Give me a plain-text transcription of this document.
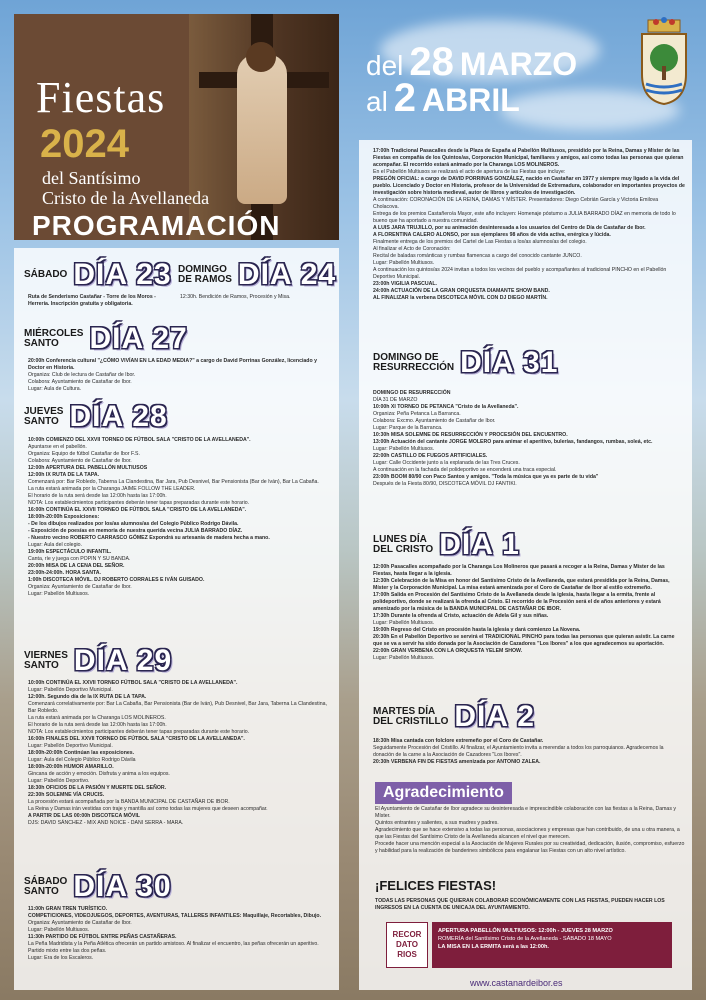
Fiestas
2024
del Santísimo
Cristo de la Avellaneda
PROGRAMACIÓN
del 28 MARZO
al 2 ABRIL
SÁBADO DÍA 23 DOMINGO
DE RAMOS DÍA 24
Ruta de Senderismo Castañar - Torre de los Moros - Herrería. Inscripción gratuita y obligatoria.
12:30h. Bendición de Ramos, Procesión y Misa.
MIÉRCOLES
SANTO	DÍA 27

20:00h Conferencia cultural "¿CÓMO VIVÍAN EN LA EDAD MEDIA?" a cargo de David Porrinas González, licenciado y Doctor en Historia.

Organiza: Club de lectura de Castañar de Ibor.

Colabora: Ayuntamiento de Castañar de Ibor.

Lugar: Aula de Cultura.

JUEVES
SANTO DÍA 28

10:00h COMIENZO DEL XXVII TORNEO DE FÚTBOL SALA "CRISTO DE LA AVELLANEDA".

Apuntarse en el pabellón.

Organiza: Equipo de fútbol Castañar de Ibor F.S.

Colabora: Ayuntamiento de Castañar de Ibor.

12:00h APERTURA DEL PABELLÓN MULTIUSOS

12:00h IX RUTA DE LA TAPA.

Comenzará por: Bar Robledo, Taberna La Clandestina, Bar Jara, Pub Desnivel, Bar Pensionista (Bar de Iván), Bar La Cabaña.

La ruta estará animada por la Charanga JAIME FOLLOW THE LEADER.

El horario de la ruta será desde las 12:00h hasta las 17:00h.

NOTA: Los establecimientos participantes deberán tener tapas preparadas durante este horario.

16:00h CONTINÚA EL XXVII TORNEO DE FÚTBOL SALA "CRISTO DE LA AVELLANEDA".

18:00h-20:00h Exposiciones:

- De los dibujos realizados por los/as alumnos/as del Colegio Público Rodrigo Dávila.

- Exposición de poesías en memoria de nuestra querida vecina JULIA BARRADO DÍAZ.

- Nuestro vecino ROBERTO CARRASCO GÓMEZ Expondrá su artesanía de madera hecha a mano.

Lugar: Aula del colegio.

19:00h ESPECTÁCULO INFANTIL.

Canta, ríe y juega con POPIN Y SU BANDA.

20:00h MISA DE LA CENA DEL SEÑOR.

23:00h-24:00h. HORA SANTA.

1:00h DISCOTECA MÓVIL. DJ ROBERTO CORRALES E IVÁN GUISADO.

Organiza: Ayuntamiento de Castañar de Ibor.

Lugar: Pabellón Multiusos.

VIERNES
SANTO DÍA 29

10:00h CONTINÚA EL XXVII TORNEO FÚTBOL SALA "CRISTO DE LA AVELLANEDA".

Lugar: Pabellón Deportivo Municipal.

12:00h. Segundo día de la IX RUTA DE LA TAPA.

Comenzará correlativamente por: Bar La Cabaña, Bar Pensionista (Bar de Iván), Pub Desnivel, Bar Jara, Taberna La Clandestina, Bar Robledo.

La ruta estará animada por la Charanga LOS MOLINEROS.

El horario de la ruta será desde las 12:00h hasta las 17:00h.

NOTA: Los establecimientos participantes deberán tener tapas preparadas durante este horario.

16:00h FINALES DEL XXVII TORNEO DE FÚTBOL SALA "CRISTO DE LA AVELLANEDA".

Lugar: Pabellón Deportivo Municipal.

18:00h-20:00h Continúan las exposiciones.

Lugar: Aula del Colegio Público Rodrigo Dávila

18:00h-20:00h HUMOR AMARILLO.

Gincana de acción y emoción. Disfruta y anima a los equipos.

Lugar: Pabellón Deportivo.

18:30h OFICIOS DE LA PASIÓN Y MUERTE DEL SEÑOR.

22:30h SOLEMNE VÍA CRUCIS.

La procesión estará acompañada por la BANDA MUNICIPAL DE CASTAÑAR DE IBOR.

La Reina y Damas irán vestidas con traje y mantilla así como todas las mujeres que deseen acompañar.

A PARTIR DE LAS 00:00h DISCOTECA MÓVIL

DJS: DAVID SÁNCHEZ - MIX AND NOICE - DANI SERRA - MARA.

SÁBADO
SANTO DÍA 30

11:00h GRAN TREN TURÍSTICO.

COMPETICIONES, VIDEOJUEGOS, DEPORTES, AVENTURAS, TALLERES INFANTILES: Maquillaje, Recortables, Dibujo.

Organiza: Ayuntamiento de Castañar de Ibor.

Lugar: Pabellón Multiusos.

11:30h PARTIDO DE FÚTBOL ENTRE PEÑAS CASTAÑERAS.

La Peña Madridista y la Peña Atlética ofrecerán un partido amistoso. Al finalizar el encuentro, las peñas ofrecerán un aperitivo.

Partido mixto entre las dos peñas.

Lugar: Era de los Escaleros.

17:00h Tradicional Pasacalles desde la Plaza de España al Pabellón Multiusos, presidido por la Reina, Damas y Míster de las Fiestas en compañía de los Quintos/as, Corporación Municipal, familiares y amigos, así como todas las personas que quieran acompañar. El recorrido estará animado por la Charanga LOS MOLINEROS.

En el Pabellón Multiusos se realizará el acto de apertura de las Fiestas que incluye:

PREGÓN OFICIAL: a cargo de DAVID PORRINAS GONZÁLEZ, nacido en Castañar en 1977 y siempre muy ligado a la vida del pueblo. Licenciado y Doctor en Historia, profesor de la Universidad de Extremadura, colaborador en importantes proyectos de investigación sobre historia medieval, autor de libros y artículos de investigación.

A continuación: CORONACIÓN DE LA REINA, DAMAS Y MÍSTER. Presentadores: Diego Cebrián García y Victoria Emilova Cholacova.

Entrega de los premios Castañero/a Mayor, este año incluyen: Homenaje póstumo a JULIA BARRADO DÍAZ en memoria de todo lo bueno que ha aportado a nuestra comunidad.

A LUIS JARA TRUJILLO, por su animación desinteresada a los usuarios del Centro de Día de Castañar de Ibor.

A FLORENTINA CALERO ALONSO, por sus ejemplares 98 años de vida activa, enérgica y lúcida.

Finalmente entrega de los premios del Cartel de Las Fiestas a los/as alumnos/as del colegio.

Al finalizar el Acto de Coronación:

Recital de baladas románticas y rumbas flamencas a cargo del conocido cantante JUNCO.

Lugar: Pabellón Multiusos.

A continuación los quintos/as 2024 invitan a todos los vecinos del pueblo y acompañantes al tradicional PINCHO en el Pabellón Deportivo Municipal.

23:00h VIGILIA PASCUAL.

24:00h ACTUACIÓN DE LA GRAN ORQUESTA DIAMANTE SHOW BAND.

AL FINALIZAR la verbena DISCOTECA MÓVIL CON DJ DIEGO MARTÍN.

DOMINGO DE
RESURRECCIÓN DÍA 31

DOMINGO DE RESURRECCIÓN

DÍA 31 DE MARZO

10:00h XI TORNEO DE PETANCA "Cristo de la Avellaneda".

Organiza: Peña Petanca La Barranca.

Colabora: Excmo. Ayuntamiento de Castañar de Ibor.

Lugar: Parque de la Barranca.

10:30h MISA SOLEMNE DE RESURRECCIÓN Y PROCESIÓN DEL ENCUENTRO.

13:00h Actuación del cantante JORGE MOLERO para animar el aperitivo, bulerías, fandangos, rumbas, soleá, etc.

Lugar: Pabellón Multiusos.

22:00h CASTILLO DE FUEGOS ARTIFICIALES.

Lugar: Calle Occidente junto a la explanada de las Tres Cruces.

A continuación en la fachada del polideportivo se encenderá una traca especial.

23:00h BOOM 80/90 con Paco Santos y amigos. "Toda la música que ya es parte de tu vida"

Después de la Fiesta 80/90, DISCOTECA MÓVIL DJ FANTIKI.

LUNES DÍA
DEL CRISTO DÍA 1

12:00h Pasacalles acompañado por la Charanga Los Molineros que pasará a recoger a la Reina, Damas y Míster de las Fiestas, hasta llegar a la iglesia.

12:30h Celebración de la Misa en honor del Santísimo Cristo de la Avellaneda, que estará presidida por la Reina, Damas, Míster y la Corporación Municipal. La misa estará amenizada por el Coro de Castañar de Ibor al estilo extremeño.

17:00h Salida en Procesión del Santísimo Cristo de la Avellaneda desde la iglesia, hasta llegar a la ermita, frente al polideportivo, donde se realizará la ofrenda al Cristo. El recorrido de la Procesión será el de años anteriores y estará amenizado por la música de la BANDA MUNICIPAL DE CASTAÑAR DE IBOR.

17:30h Durante la ofrenda al Cristo, actuación de Adela Gil y sus niñas.

Lugar: Pabellón Multiusos.

19:00h Regreso del Cristo en procesión hasta la iglesia y dará comienzo La Novena.

20:30h En el Pabellón Deportivo se servirá el TRADICIONAL PINCHO para todas las personas que quieran asistir. La carne que se va a servir ha sido donada por la Asociación de Cazadores "Los Ibores" a los que agradecemos su aportación.

22:00h GRAN VERBENA CON LA ORQUESTA YELEM SHOW.

Lugar: Pabellón Multiusos.

MARTES DÍA
DEL CRISTILLO DÍA 2

18:30h Misa cantada con folclore extremeño por el Coro de Castañar.

Seguidamente Procesión del Cristillo. Al finalizar, el Ayuntamiento invita a merendar a todos los parroquianos. Agradecemos la donación de la carne a la Asociación de Cazadores "Los Ibores".

20:30h VERBENA FIN DE FIESTAS amenizada por ANTONIO ZALEA.

Agradecimiento

El Ayuntamiento de Castañar de Ibor agradece su desinteresada e imprescindible colaboración con las fiestas a la Reina, Damas y Míster.

Quintos entrantes y salientes, a sus madres y padres.

Agradecimiento que se hace extensivo a todas las personas, asociaciones y empresas que han contribuido, de una u otra manera, a que las Fiestas del Santísimo Cristo de la Avellaneda alcancen el nivel que merecen.

Procede hacer una mención especial a la Asociación de Mujeres Rurales por su creatividad, dedicación, ilusión, compromiso, esfuerzo y habilidad para la realización de banderines simbólicos para engalanar las Fiestas con un alto nivel artístico.

¡FELICES FIESTAS!
TODAS LAS PERSONAS QUE QUIERAN COLABORAR ECONÓMICAMENTE CON LAS FIESTAS, PUEDEN HACER LOS INGRESOS EN LA CUENTA DE UNICAJA DEL AYUNTAMIENTO.
RECOR
DATO
RIOS
APERTURA PABELLÓN MULTIUSOS: 12:00h - JUEVES 28 MARZO
ROMERÍA del Santísimo Cristo de la Avellaneda - SÁBADO 18 MAYO
LA MISA EN LA ERMITA será a las 12:00h.
www.castanardeibor.es
